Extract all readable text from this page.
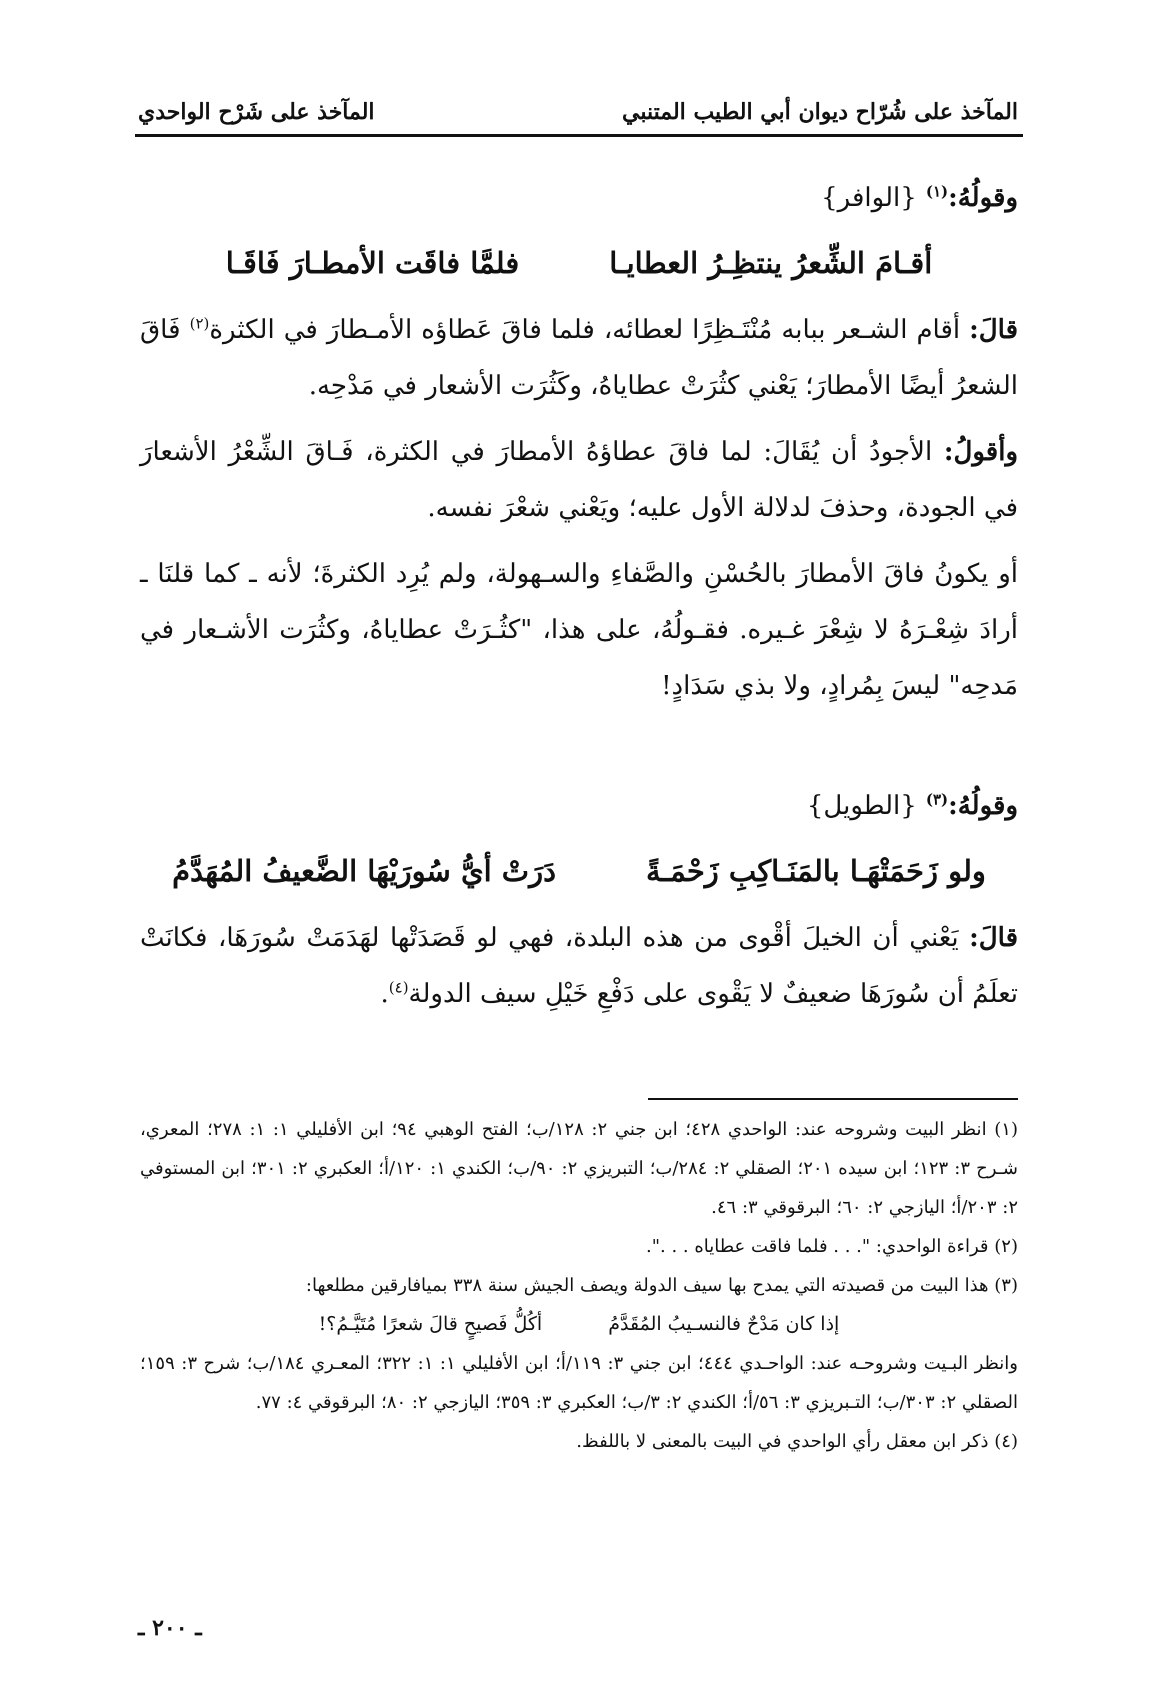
المآخذ على شُرّاح ديوان أبي الطيب المتنبي
المآخذ على شَرْح الواحدي

وقولُهُ:$^{(١)}$ {الوافر}

أقـامَ الشِّعرُ ينتظِـرُ العطايـا
فلمَّا فاقَت الأمطـارَ فَاقَـا

قالَ: أقام الشـعر ببابه مُنْتَـظِرًا لعطائه، فلما فاقَ عَطاؤه الأمـطارَ في الكثرة$^{(٢)}$ فَاقَ الشعرُ أيضًا الأمطارَ؛ يَعْني كثُرَتْ عطاياهُ، وكَثُرَت الأشعار في مَدْحِه.

وأقولُ: الأجودُ أن يُقَالَ: لما فاقَ عطاؤهُ الأمطارَ في الكثرة، فَـاقَ الشِّعْرُ الأشعارَ في الجودة، وحذفَ لدلالة الأول عليه؛ ويَعْني شعْرَ نفسه.

أو يكونُ فاقَ الأمطارَ بالحُسْنِ والصَّفاءِ والسـهولة، ولم يُرِد الكثرةَ؛ لأنه ـ كما قلنَا ـ أرادَ شِعْـرَهُ لا شِعْرَ غـيره. فقـولُهُ، على هذا، "كثُـرَتْ عطاياهُ، وكثُرَت الأشـعار في مَدحِه" ليسَ بِمُرادٍ، ولا بذي سَدَادٍ!

وقولُهُ:$^{(٣)}$ {الطويل}

ولو زَحَمَتْهَـا بالمَنَـاكِبِ زَحْمَـةً
دَرَتْ أيُّ سُورَيْهَا الضَّعيفُ المُهَدَّمُ

قالَ: يَعْني أن الخيلَ أقْوى من هذه البلدة، فهي لو قَصَدَتْها لهَدَمَتْ سُورَهَا، فكانَتْ تعلَمُ أن سُورَهَا ضعيفٌ لا يَقْوى على دَفْعِ خَيْلِ سيف الدولة$^{(٤)}$.

(١) انظر البيت وشروحه عند: الواحدي ٤٢٨؛ ابن جني ٢: ١٢٨/ب؛ الفتح الوهبي ٩٤؛ ابن الأفليلي ١: ١: ٢٧٨؛ المعري، شـرح ٣: ١٢٣؛ ابن سيده ٢٠١؛ الصقلي ٢: ٢٨٤/ب؛ التبريزي ٢: ٩٠/ب؛ الكندي ١: ١٢٠/أ؛ العكبري ٢: ٣٠١؛ ابن المستوفي ٢: ٢٠٣/أ؛ اليازجي ٢: ٦٠؛ البرقوقي ٣: ٤٦.

(٢) قراءة الواحدي: ". . . فلما فاقت عطاياه . . .".

(٣) هذا البيت من قصيدته التي يمدح بها سيف الدولة ويصف الجيش سنة ٣٣٨ بميافارقين مطلعها:

إذا كان مَدْحٌ فالنسـيبُ المُقَدَّمُ أكُلُّ فَصيحٍ قالَ شعرًا مُتَيَّـمُ؟!

وانظر البـيت وشروحـه عند: الواحـدي ٤٤٤؛ ابن جني ٣: ١١٩/أ؛ ابن الأفليلي ١: ١: ٣٢٢؛ المعـري ١٨٤/ب؛ شرح ٣: ١٥٩؛ الصقلي ٢: ٣٠٣/ب؛ التـبريزي ٣: ٥٦/أ؛ الكندي ٢: ٣/ب؛ العكبري ٣: ٣٥٩؛ اليازجي ٢: ٨٠؛ البرقوقي ٤: ٧٧.

(٤) ذكر ابن معقل رأي الواحدي في البيت بالمعنى لا باللفظ.

ـ ٢٠٠ ـ
